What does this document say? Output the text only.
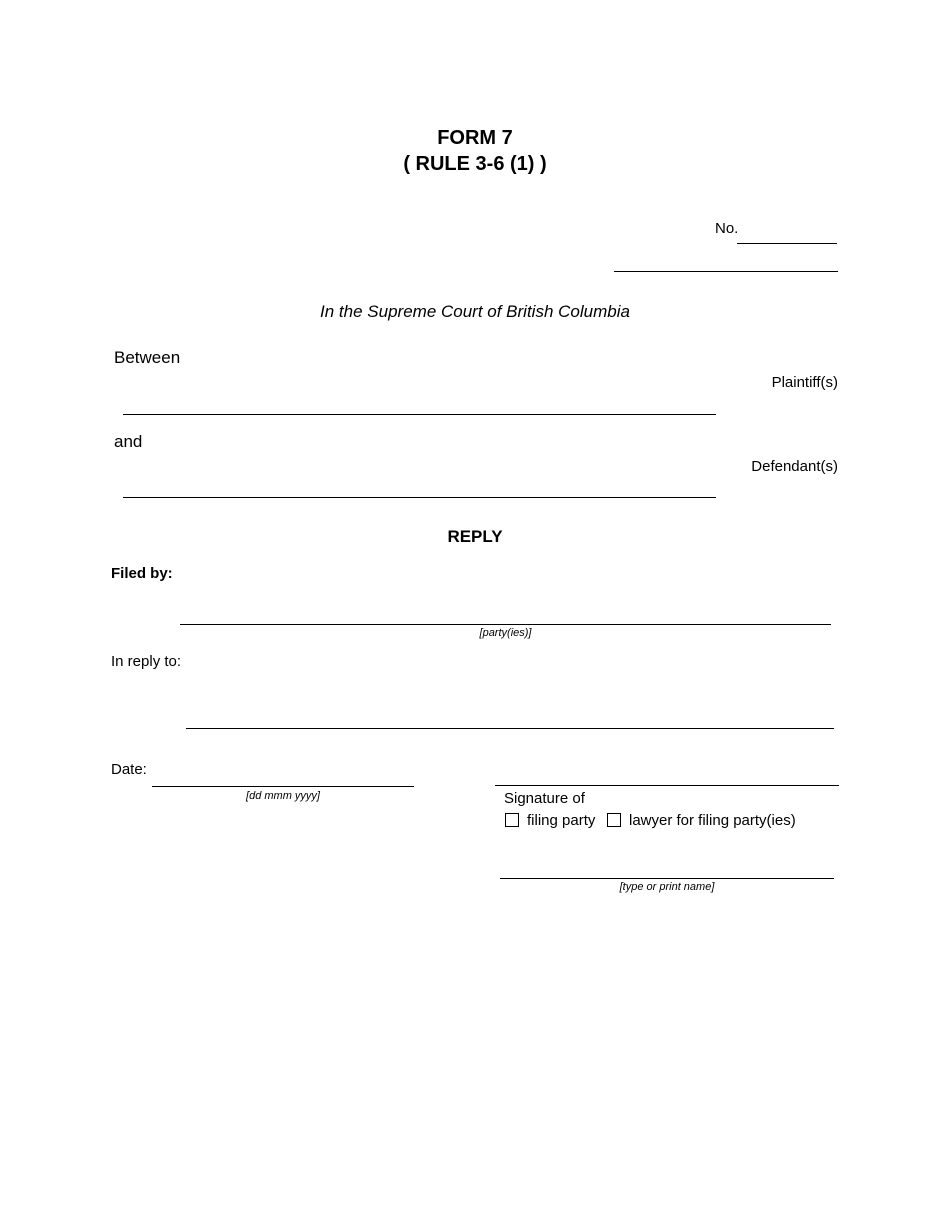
FORM 7
( RULE 3-6 (1) )
No.
In the Supreme Court of British Columbia
Between
Plaintiff(s)
and
Defendant(s)
REPLY
Filed by:
[party(ies)]
In reply to:
Date:
[dd mmm yyyy]	Signature of
filing party lawyer for filing party(ies)
[type or print name]
